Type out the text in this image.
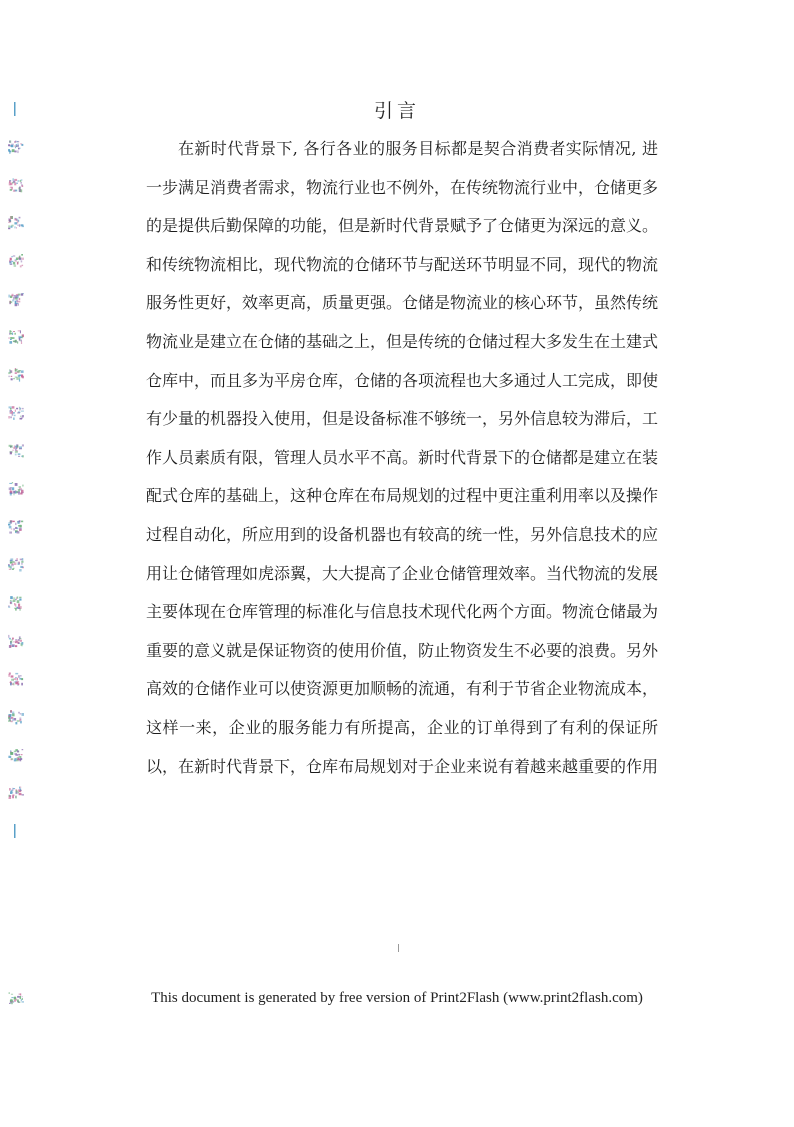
引言

在新时代背景下, 各行各业的服务目标都是契合消费者实际情况, 进一步满足消费者需求，物流行业也不例外，在传统物流行业中，仓储更多的是提供后勤保障的功能，但是新时代背景赋予了仓储更为深远的意义。和传统物流相比，现代物流的仓储环节与配送环节明显不同，现代的物流服务性更好，效率更高，质量更强。仓储是物流业的核心环节，虽然传统物流业是建立在仓储的基础之上，但是传统的仓储过程大多发生在土建式仓库中，而且多为平房仓库，仓储的各项流程也大多通过人工完成，即使有少量的机器投入使用，但是设备标准不够统一，另外信息较为滞后，工作人员素质有限，管理人员水平不高。新时代背景下的仓储都是建立在装配式仓库的基础上，这种仓库在布局规划的过程中更注重利用率以及操作过程自动化，所应用到的设备机器也有较高的统一性，另外信息技术的应用让仓储管理如虎添翼，大大提高了企业仓储管理效率。当代物流的发展主要体现在仓库管理的标准化与信息技术现代化两个方面。物流仓储最为重要的意义就是保证物资的使用价值，防止物资发生不必要的浪费。另外高效的仓储作业可以使资源更加顺畅的流通，有利于节省企业物流成本，这样一来，企业的服务能力有所提高，企业的订单得到了有利的保证所以，在新时代背景下，仓库布局规划对于企业来说有着越来越重要的作用

This document is generated by free version of Print2Flash (www.print2flash.com)
